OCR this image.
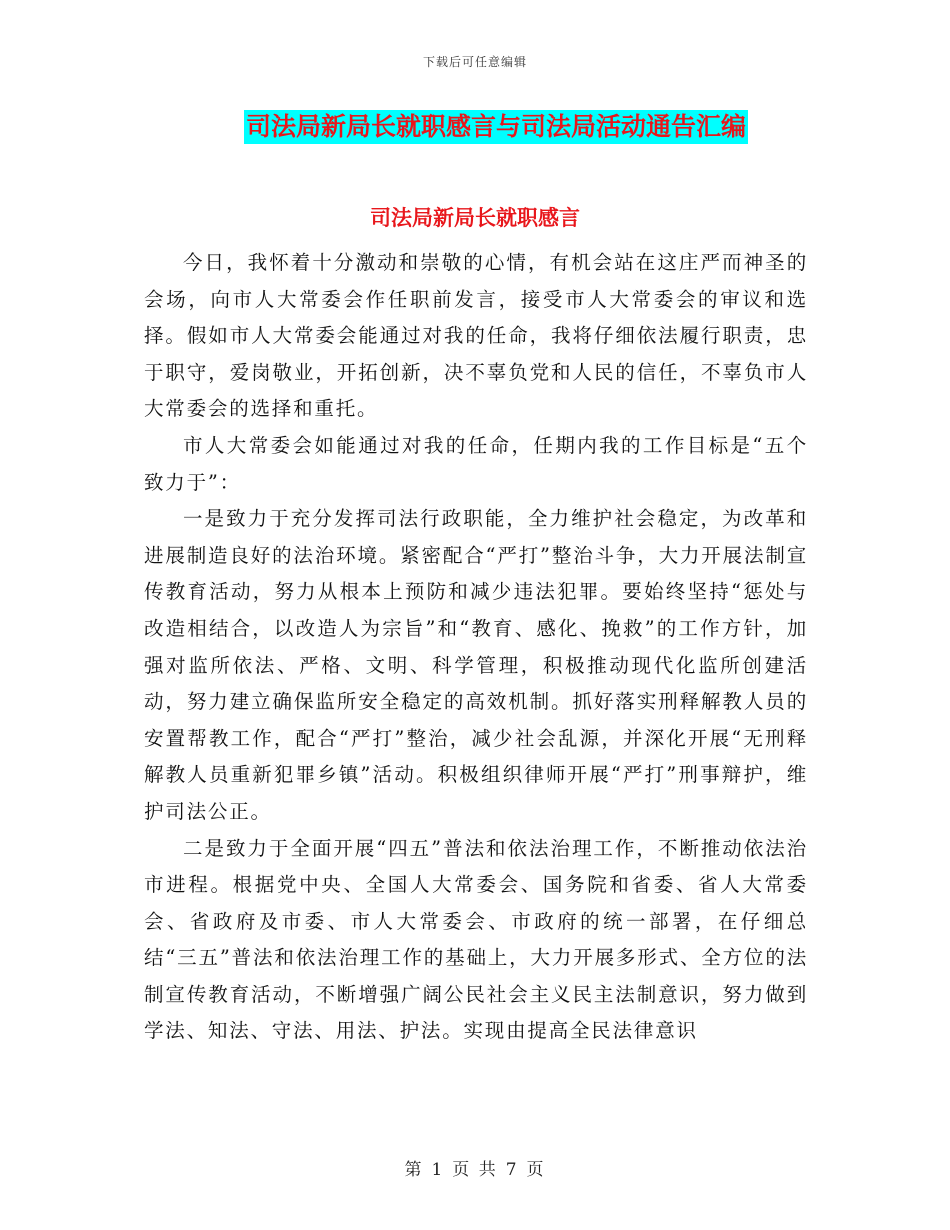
下载后可任意编辑
司法局新局长就职感言与司法局活动通告汇编
司法局新局长就职感言

今日，我怀着十分激动和崇敬的心情，有机会站在这庄严而神圣的会场，向市人大常委会作任职前发言，接受市人大常委会的审议和选择。假如市人大常委会能通过对我的任命，我将仔细依法履行职责，忠于职守，爱岗敬业，开拓创新，决不辜负党和人民的信任，不辜负市人大常委会的选择和重托。

市人大常委会如能通过对我的任命，任期内我的工作目标是“五个致力于”：

一是致力于充分发挥司法行政职能，全力维护社会稳定，为改革和进展制造良好的法治环境。紧密配合“严打”整治斗争，大力开展法制宣传教育活动，努力从根本上预防和减少违法犯罪。要始终坚持“惩处与改造相结合，以改造人为宗旨”和“教育、感化、挽救”的工作方针，加强对监所依法、严格、文明、科学管理，积极推动现代化监所创建活动，努力建立确保监所安全稳定的高效机制。抓好落实刑释解教人员的安置帮教工作，配合“严打”整治，减少社会乱源，并深化开展“无刑释解教人员重新犯罪乡镇”活动。积极组织律师开展“严打”刑事辩护，维护司法公正。

二是致力于全面开展“四五”普法和依法治理工作，不断推动依法治市进程。根据党中央、全国人大常委会、国务院和省委、省人大常委会、省政府及市委、市人大常委会、市政府的统一部署，在仔细总结“三五”普法和依法治理工作的基础上，大力开展多形式、全方位的法制宣传教育活动，不断增强广阔公民社会主义民主法制意识，努力做到学法、知法、守法、用法、护法。实现由提高全民法律意识

第 1 页 共 7 页
